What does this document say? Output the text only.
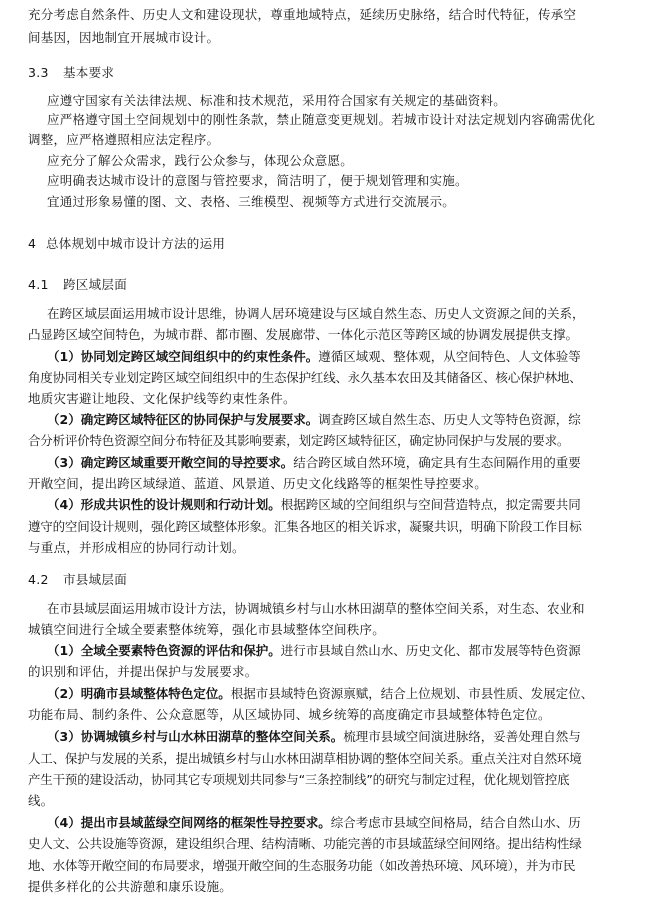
充分考虑自然条件、历史人文和建设现状，尊重地域特点，延续历史脉络，结合时代特征，传承空
间基因，因地制宜开展城市设计。
3.3 基本要求
应遵守国家有关法律法规、标准和技术规范，采用符合国家有关规定的基础资料。
应严格遵守国土空间规划中的刚性条款，禁止随意变更规划。若城市设计对法定规划内容确需优化
调整，应严格遵照相应法定程序。
应充分了解公众需求，践行公众参与，体现公众意愿。
应明确表达城市设计的意图与管控要求，简洁明了，便于规划管理和实施。
宜通过形象易懂的图、文、表格、三维模型、视频等方式进行交流展示。
4 总体规划中城市设计方法的运用
4.1 跨区域层面
在跨区域层面运用城市设计思维，协调人居环境建设与区域自然生态、历史人文资源之间的关系，
凸显跨区域空间特色，为城市群、都市圈、发展廊带、一体化示范区等跨区域的协调发展提供支撑。
（1）协同划定跨区域空间组织中的约束性条件。遵循区域观、整体观，从空间特色、人文体验等
角度协同相关专业划定跨区域空间组织中的生态保护红线、永久基本农田及其储备区、核心保护林地、
地质灾害避让地段、文化保护线等约束性条件。
（2）确定跨区域特征区的协同保护与发展要求。调查跨区域自然生态、历史人文等特色资源，综
合分析评价特色资源空间分布特征及其影响要素，划定跨区域特征区，确定协同保护与发展的要求。
（3）确定跨区域重要开敞空间的导控要求。结合跨区域自然环境，确定具有生态间隔作用的重要
开敞空间，提出跨区域绿道、蓝道、风景道、历史文化线路等的框架性导控要求。
（4）形成共识性的设计规则和行动计划。根据跨区域的空间组织与空间营造特点，拟定需要共同
遵守的空间设计规则，强化跨区域整体形象。汇集各地区的相关诉求，凝聚共识，明确下阶段工作目标
与重点，并形成相应的协同行动计划。
4.2 市县域层面
在市县域层面运用城市设计方法，协调城镇乡村与山水林田湖草的整体空间关系，对生态、农业和
城镇空间进行全域全要素整体统筹，强化市县域整体空间秩序。
（1）全域全要素特色资源的评估和保护。进行市县域自然山水、历史文化、都市发展等特色资源
的识别和评估，并提出保护与发展要求。
（2）明确市县域整体特色定位。根据市县域特色资源禀赋，结合上位规划、市县性质、发展定位、
功能布局、制约条件、公众意愿等，从区域协同、城乡统筹的高度确定市县域整体特色定位。
（3）协调城镇乡村与山水林田湖草的整体空间关系。梳理市县域空间演进脉络，妥善处理自然与
人工、保护与发展的关系，提出城镇乡村与山水林田湖草相协调的整体空间关系。重点关注对自然环境
产生干预的建设活动，协同其它专项规划共同参与“三条控制线”的研究与制定过程，优化规划管控底
线。
（4）提出市县域蓝绿空间网络的框架性导控要求。综合考虑市县域空间格局，结合自然山水、历
史人文、公共设施等资源，建设组织合理、结构清晰、功能完善的市县域蓝绿空间网络。提出结构性绿
地、水体等开敞空间的布局要求，增强开敞空间的生态服务功能（如改善热环境、风环境），并为市民
提供多样化的公共游憩和康乐设施。
